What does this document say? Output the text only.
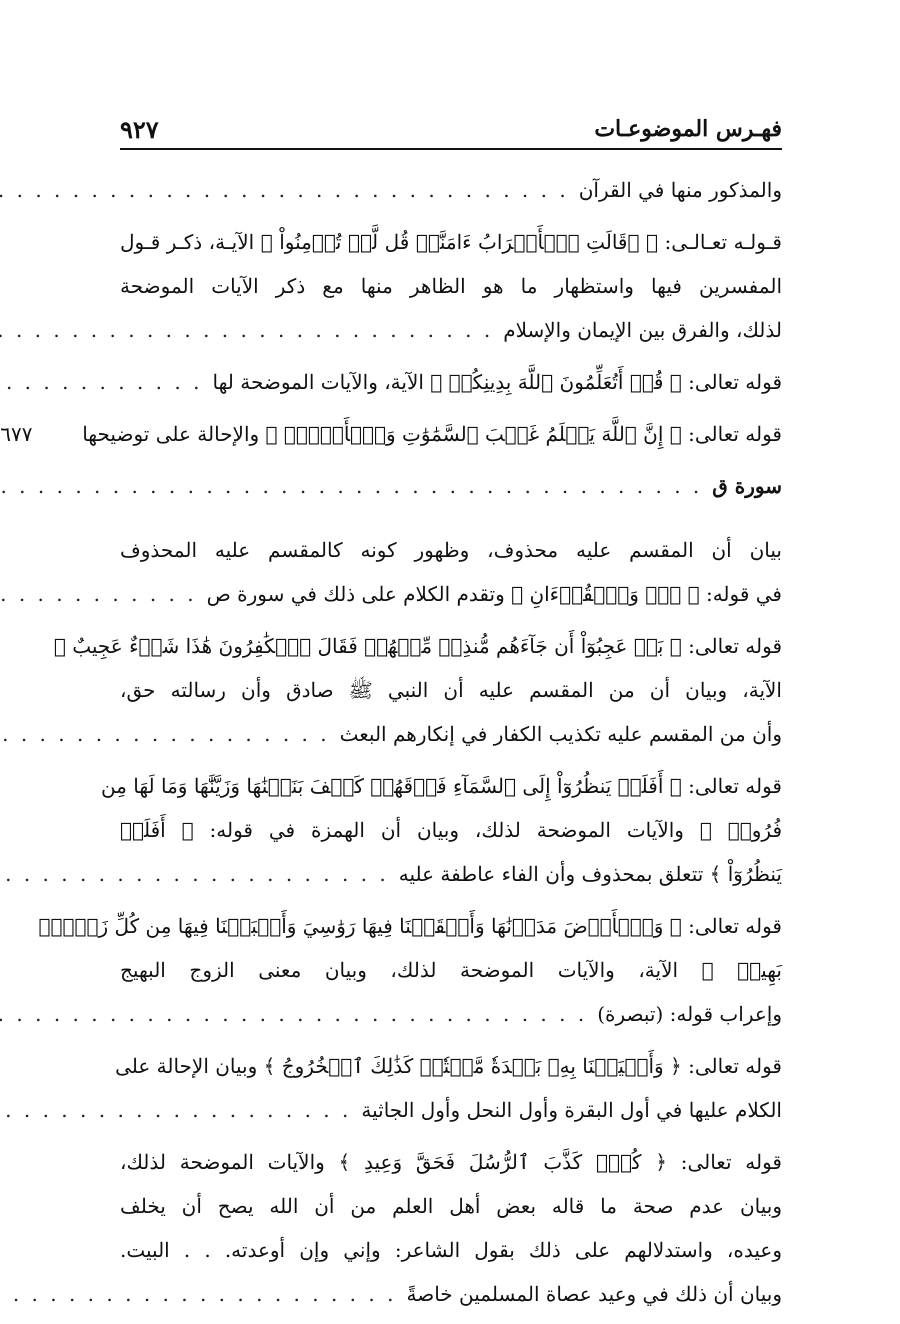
فهـرس الموضوعـات
٩٢٧
والمذكور منها في القرآن
. . .
قـولـه تعـالـى: ﴿ ۞قَالَتِ ٱلۡأَعۡرَابُ ءَامَنَّاۖ قُل لَّمۡ تُؤۡمِنُواْ ﴾ الآيـة، ذكـر قـول
المفسرين فيها واستظهار ما هو الظاهر منها مع ذكر الآيات الموضحة
لذلك، والفرق بين الإيمان والإسلام
. . .
قوله تعالى: ﴿ قُلۡ أَتُعَلِّمُونَ ٱللَّهَ بِدِينِكُمۡ ﴾ الآية، والآيات الموضحة لها
. . .
قوله تعالى: ﴿ إِنَّ ٱللَّهَ يَعۡلَمُ غَيۡبَ ٱلسَّمَٰوَٰتِ وَٱلۡأَرۡضِۚ ﴾ والإحالة على توضيحها
٦٧٧
سورة ق
. . .
بيان أن المقسم عليه محذوف، وظهور كونه كالمقسم عليه المحذوف
في قوله: ﴿ قٓۚ وَٱلۡقُرۡءَانِ ﴾ وتقدم الكلام على ذلك في سورة ص
. . .
قوله تعالى: ﴿ بَلۡ عَجِبُوٓاْ أَن جَآءَهُم مُّنذِرٞ مِّنۡهُمۡ فَقَالَ ٱلۡكَٰفِرُونَ هَٰذَا شَيۡءٌ عَجِيبٌ ﴾
الآية، وبيان أن من المقسم عليه أن النبي ﷺ صادق وأن رسالته حق،
وأن من المقسم عليه تكذيب الكفار في إنكارهم البعث
. . .
قوله تعالى: ﴿ أَفَلَمۡ يَنظُرُوٓاْ إِلَى ٱلسَّمَآءِ فَوۡقَهُمۡ كَيۡفَ بَنَيۡنَٰهَا وَزَيَّنَّٰهَا وَمَا لَهَا مِن
فُرُوجٖ ﴾ والآيات الموضحة لذلك، وبيان أن الهمزة في قوله: ﴿ أَفَلَمۡ
يَنظُرُوٓاْ ﴾ تتعلق بمحذوف وأن الفاء عاطفة عليه
. . .
قوله تعالى: ﴿ وَٱلۡأَرۡضَ مَدَدۡنَٰهَا وَأَلۡقَيۡنَا فِيهَا رَوَٰسِيَ وَأَنۢبَتۡنَا فِيهَا مِن كُلِّ زَوۡجِۭ
بَهِيجٖ ﴾ الآية، والآيات الموضحة لذلك، وبيان معنى الزوج البهيج
وإعراب قوله: (تبصرة)
. . .
قوله تعالى: ﴿ وَأَحۡيَيۡنَا بِهِۦ بَلۡدَةٗ مَّيۡتٗاۚ كَذَٰلِكَ ٱلۡخُرُوجُ ﴾ وبيان الإحالة على
الكلام عليها في أول البقرة وأول النحل وأول الجاثية
. . .
قوله تعالى: ﴿ كُلّٞ كَذَّبَ ٱلرُّسُلَ فَحَقَّ وَعِيدِ ﴾ والآيات الموضحة لذلك،
وبيان عدم صحة ما قاله بعض أهل العلم من أن الله يصح أن يخلف
وعيده، واستدلالهم على ذلك بقول الشاعر: وإني وإن أوعدته. . . البيت.
وبيان أن ذلك في وعيد عصاة المسلمين خاصةً
. . .
